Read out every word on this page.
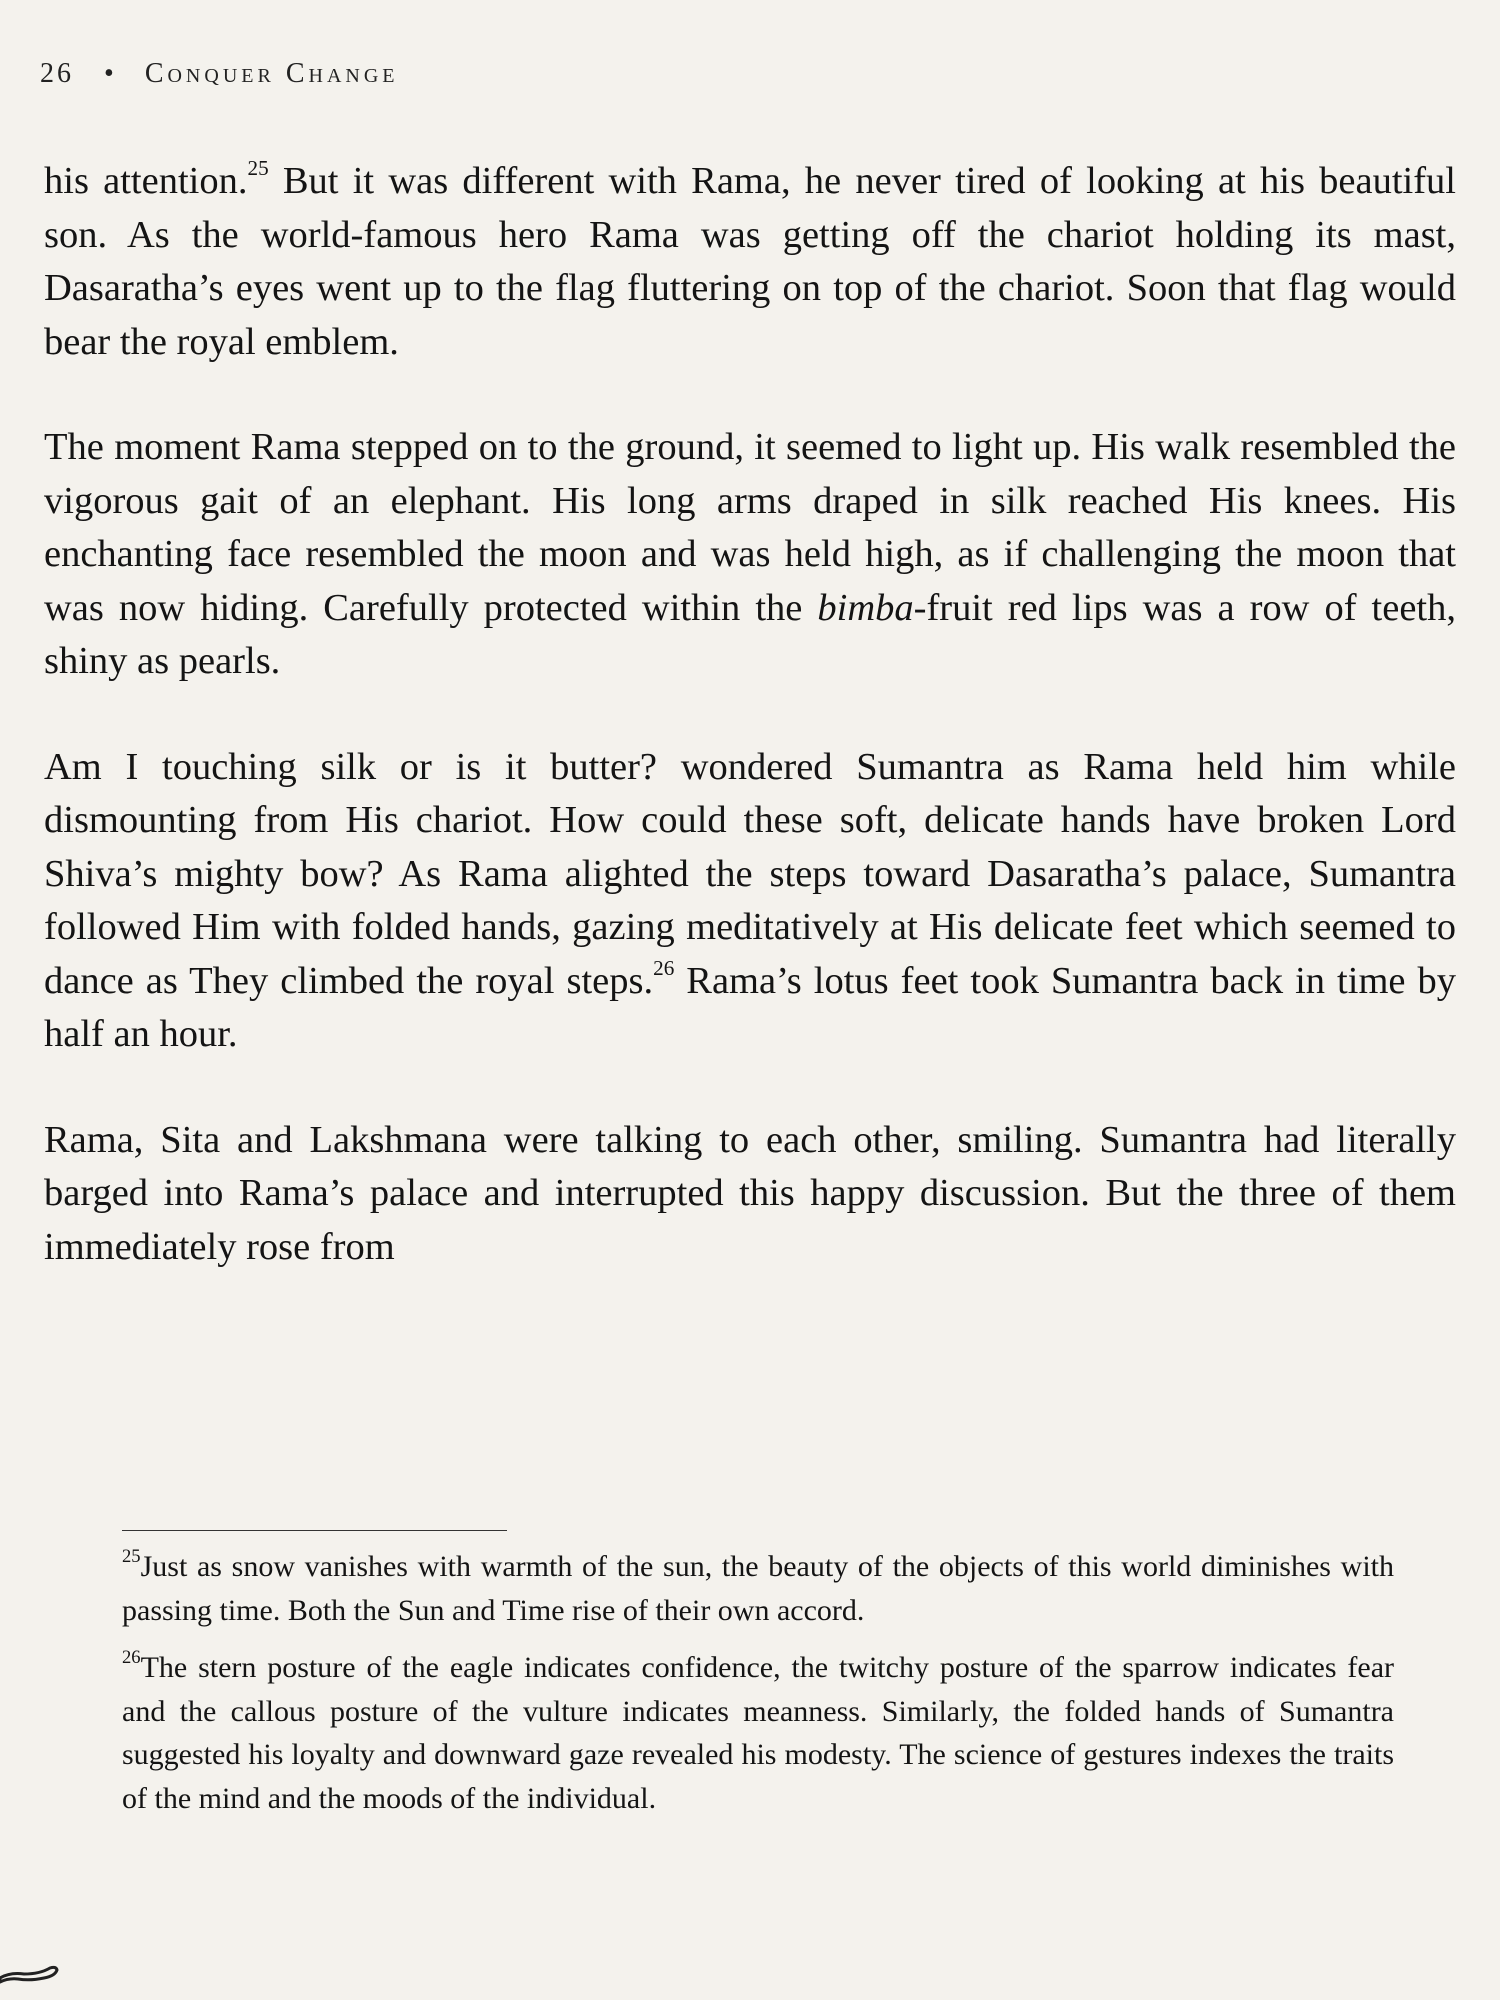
26 • Conquer Change

his attention.$^{25}$ But it was different with Rama, he never tired of looking at his beautiful son. As the world-famous hero Rama was getting off the chariot holding its mast, Dasaratha’s eyes went up to the flag fluttering on top of the chariot. Soon that flag would bear the royal emblem.

The moment Rama stepped on to the ground, it seemed to light up. His walk resembled the vigorous gait of an elephant. His long arms draped in silk reached His knees. His enchanting face resembled the moon and was held high, as if challenging the moon that was now hiding. Carefully protected within the bimba-fruit red lips was a row of teeth, shiny as pearls.

Am I touching silk or is it butter? wondered Sumantra as Rama held him while dismounting from His chariot. How could these soft, delicate hands have broken Lord Shiva’s mighty bow? As Rama alighted the steps toward Dasaratha’s palace, Sumantra followed Him with folded hands, gazing meditatively at His delicate feet which seemed to dance as They climbed the royal steps.$^{26}$ Rama’s lotus feet took Sumantra back in time by half an hour.

Rama, Sita and Lakshmana were talking to each other, smiling. Sumantra had literally barged into Rama’s palace and interrupted this happy discussion. But the three of them immediately rose from

$^{25}$Just as snow vanishes with warmth of the sun, the beauty of the objects of this world diminishes with passing time. Both the Sun and Time rise of their own accord.

$^{26}$The stern posture of the eagle indicates confidence, the twitchy posture of the sparrow indicates fear and the callous posture of the vulture indicates meanness. Similarly, the folded hands of Sumantra suggested his loyalty and downward gaze revealed his modesty. The science of gestures indexes the traits of the mind and the moods of the individual.
